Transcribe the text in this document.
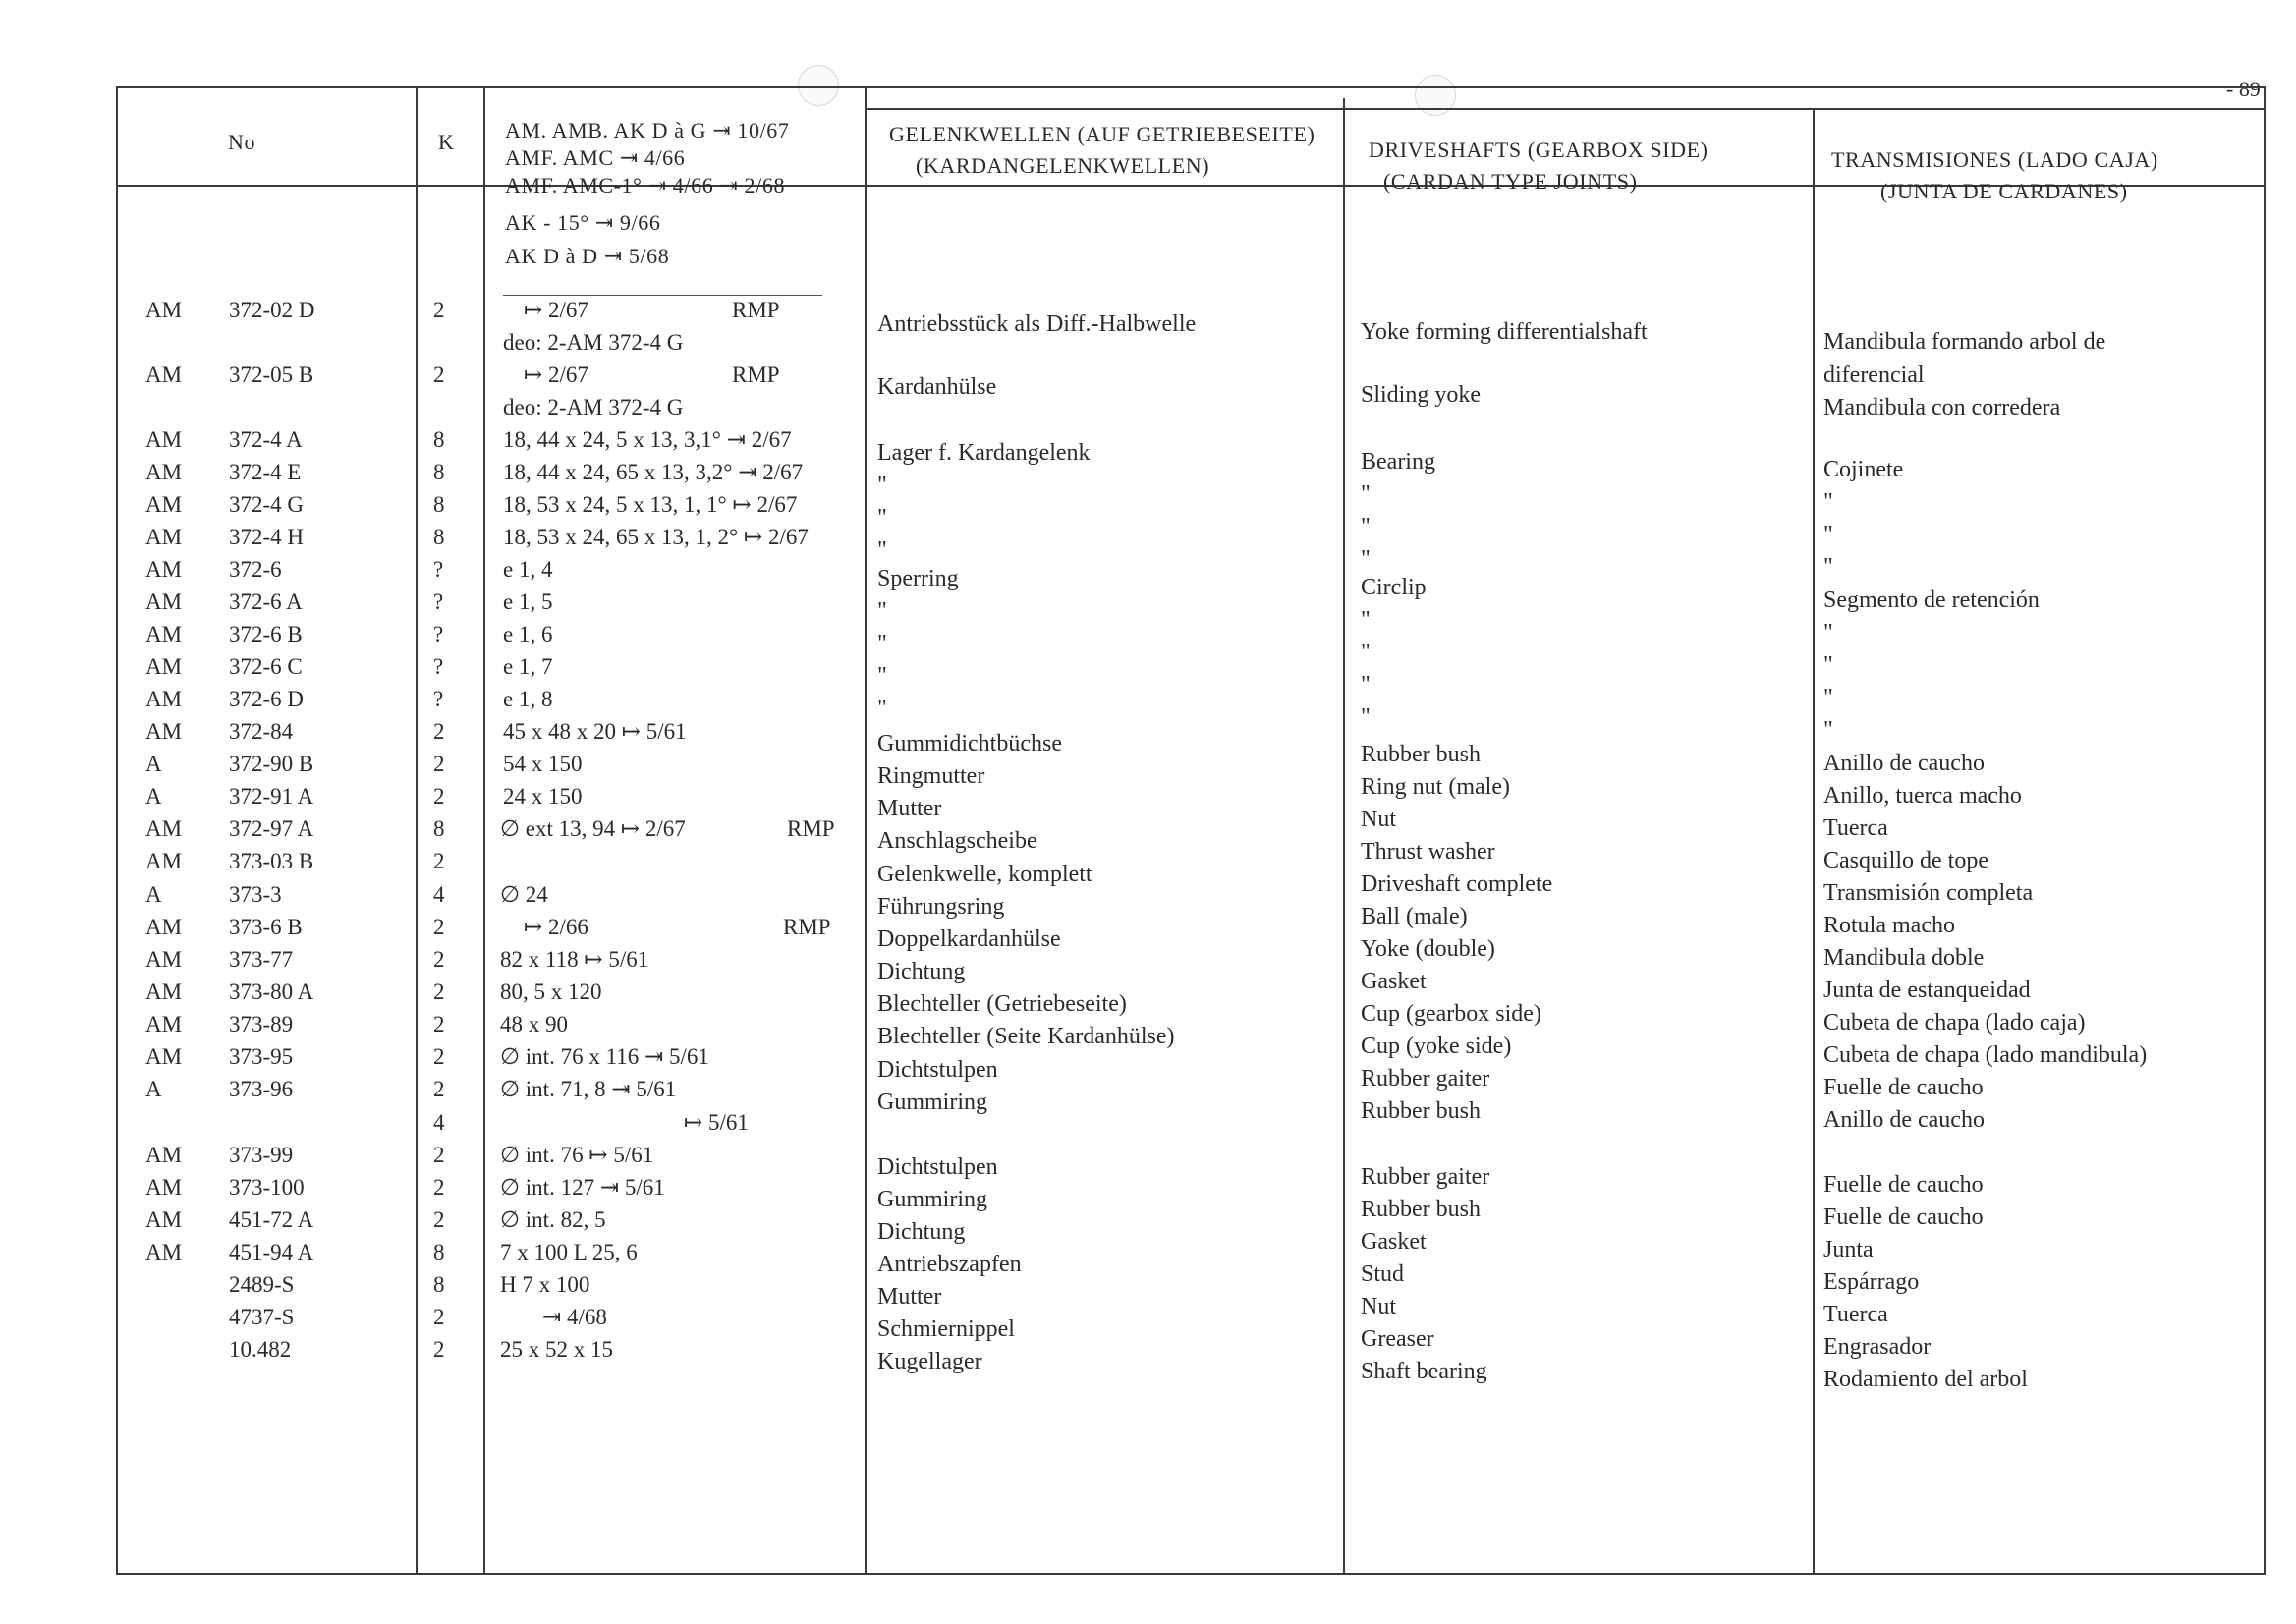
- 89
No	K AM. AMB. AK D à G ⇥ 10/67
AMF. AMC ⇥ 4/66
AMF. AMC-1° ⇥ 4/66 ⇥ 2/68
AK - 15° ⇥ 9/66
AK D à D ⇥ 5/68
GELENKWELLEN (AUF GETRIEBESEITE)
(KARDANGELENKWELLEN)
DRIVESHAFTS (GEARBOX SIDE)
(CARDAN TYPE JOINTS)
TRANSMISIONES (LADO CAJA)
(JUNTA DE CARDANES)
AM
AM
AM
AM
AM
AM
AM
AM
AM
AM
AM
AM
A
A
AM
AM
A
AM
AM
AM
AM
AM
A
AM
AM
AM
AM
372-02 D
372-05 B
372-4 A
372-4 E
372-4 G
372-4 H
372-6
372-6 A
372-6 B
372-6 C
372-6 D
372-84
372-90 B
372-91 A
372-97 A
373-03 B
373-3
373-6 B
373-77
373-80 A
373-89
373-95
373-96
373-99
373-100
451-72 A
451-94 A
2489-S
4737-S
10.482
2
2
8
8
8
8
?
?
?
?
?
2
2
2
8
2
4
2
2
2
2
2
2
4
2
2
2
8
8
2
2
Antriebsstück als Diff.-Halbwelle
Kardanhülse
Lager f. Kardangelenk
"
"
"
Sperring
"
"
"
"
Gummidichtbüchse
Ringmutter
Mutter
Anschlagscheibe
Gelenkwelle, komplett
Führungsring
Doppelkardanhülse
Dichtung
Blechteller (Getriebeseite)
Blechteller (Seite Kardanhülse)
Dichtstulpen
Gummiring
Dichtstulpen
Gummiring
Dichtung
Antriebszapfen
Mutter
Schmiernippel
Kugellager
Yoke forming differentialshaft
Sliding yoke
Bearing
"
"
"
Circlip
"
"
"
"
Rubber bush
Ring nut (male)
Nut
Thrust washer
Driveshaft complete
Ball (male)
Yoke (double)
Gasket
Cup (gearbox side)
Cup (yoke side)
Rubber gaiter
Rubber bush
Rubber gaiter
Rubber bush
Gasket
Stud
Nut
Greaser
Shaft bearing
Mandibula formando arbol de
diferencial
Mandibula con corredera
Cojinete
"
"
"
Segmento de retención
"
"
"
"
Anillo de caucho
Anillo, tuerca macho
Tuerca
Casquillo de tope
Transmisión completa
Rotula macho
Mandibula doble
Junta de estanqueidad
Cubeta de chapa (lado caja)
Cubeta de chapa (lado mandibula)
Fuelle de caucho
Anillo de caucho
Fuelle de caucho
Fuelle de caucho
Junta
Espárrago
Tuerca
Engrasador
Rodamiento del arbol
↦ 2/67	RMP
deo: 2-AM 372-4 G
↦ 2/67	RMP
deo: 2-AM 372-4 G
18, 44 x 24, 5 x 13, 3,1° ⇥ 2/67
18, 44 x 24, 65 x 13, 3,2° ⇥ 2/67
18, 53 x 24, 5 x 13, 1, 1° ↦ 2/67
18, 53 x 24, 65 x 13, 1, 2° ↦ 2/67
e 1, 4
e 1, 5
e 1, 6
e 1, 7
e 1, 8
45 x 48 x 20 ↦ 5/61
54 x 150
24 x 150
∅ ext 13, 94 ↦ 2/67	RMP
∅ 24
↦ 2/66	RMP
82 x 118 ↦ 5/61
80, 5 x 120
48 x 90
∅ int. 76 x 116 ⇥ 5/61
∅ int. 71, 8 ⇥ 5/61
↦ 5/61
∅ int. 76 ↦ 5/61
∅ int. 127 ⇥ 5/61
∅ int. 82, 5
7 x 100 L 25, 6
H 7 x 100
⇥ 4/68
25 x 52 x 15
